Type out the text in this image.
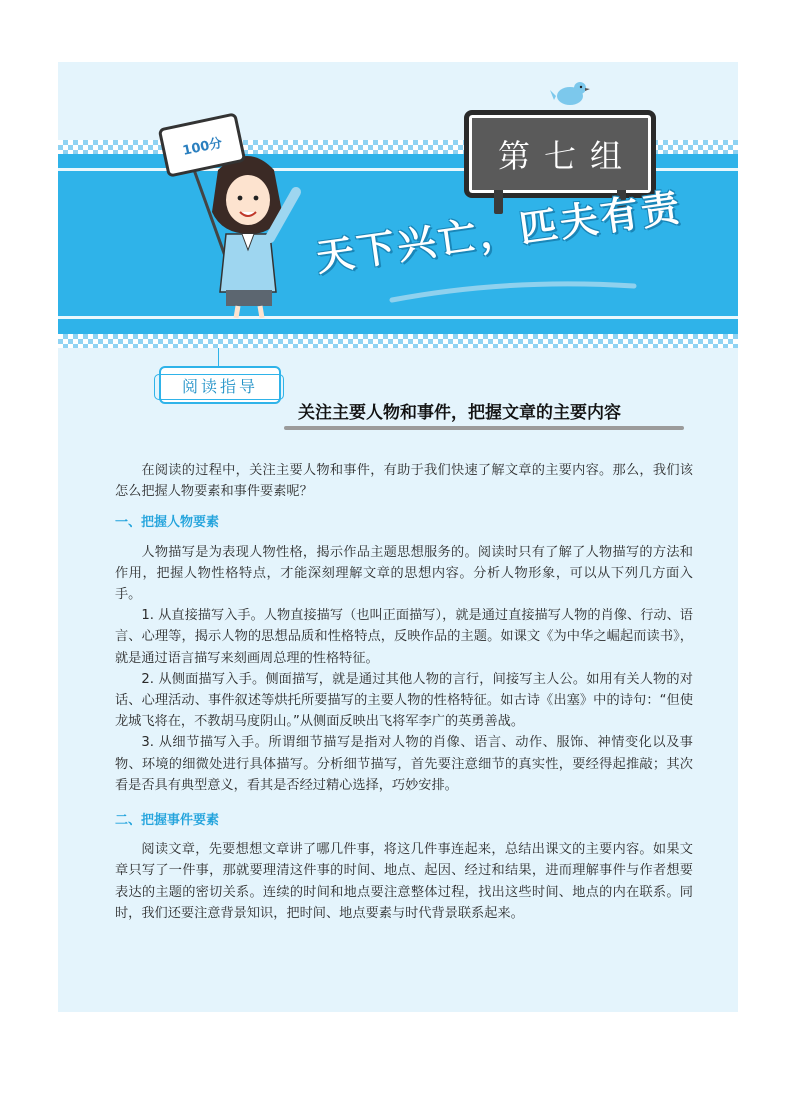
第七组
100分
天下兴亡，匹夫有责
阅读指导
关注主要人物和事件，把握文章的主要内容

在阅读的过程中，关注主要人物和事件，有助于我们快速了解文章的主要内容。那么，我们该怎么把握人物要素和事件要素呢？

一、把握人物要素

人物描写是为表现人物性格，揭示作品主题思想服务的。阅读时只有了解了人物描写的方法和作用，把握人物性格特点，才能深刻理解文章的思想内容。分析人物形象，可以从下列几方面入手。

1. 从直接描写入手。人物直接描写（也叫正面描写），就是通过直接描写人物的肖像、行动、语言、心理等，揭示人物的思想品质和性格特点，反映作品的主题。如课文《为中华之崛起而读书》，就是通过语言描写来刻画周总理的性格特征。

2. 从侧面描写入手。侧面描写，就是通过其他人物的言行，间接写主人公。如用有关人物的对话、心理活动、事件叙述等烘托所要描写的主要人物的性格特征。如古诗《出塞》中的诗句：“但使龙城飞将在，不教胡马度阴山。”从侧面反映出飞将军李广的英勇善战。

3. 从细节描写入手。所谓细节描写是指对人物的肖像、语言、动作、服饰、神情变化以及事物、环境的细微处进行具体描写。分析细节描写，首先要注意细节的真实性，要经得起推敲；其次看是否具有典型意义，看其是否经过精心选择，巧妙安排。

二、把握事件要素

阅读文章，先要想想文章讲了哪几件事，将这几件事连起来，总结出课文的主要内容。如果文章只写了一件事，那就要理清这件事的时间、地点、起因、经过和结果，进而理解事件与作者想要表达的主题的密切关系。连续的时间和地点要注意整体过程，找出这些时间、地点的内在联系。同时，我们还要注意背景知识，把时间、地点要素与时代背景联系起来。
